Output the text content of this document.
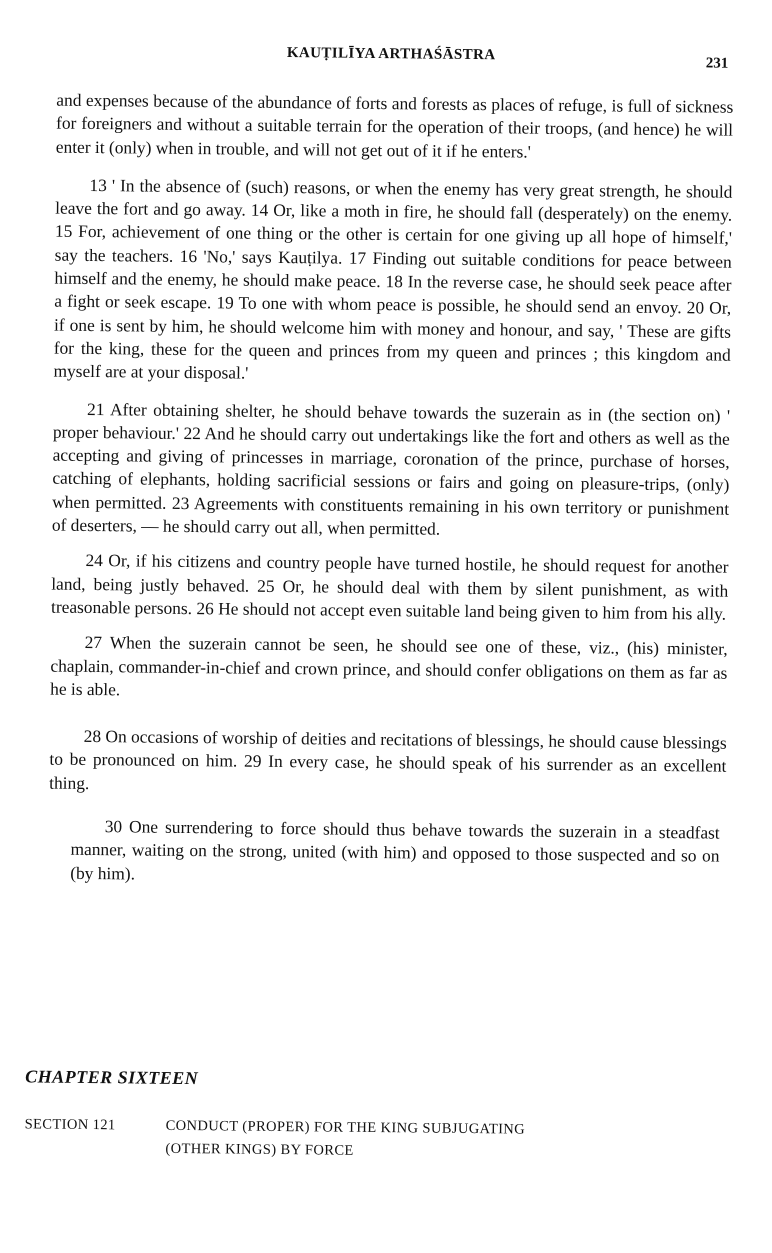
KAUṬILĪYA ARTHAŚĀSTRA
231

and expenses because of the abundance of forts and forests as places of refuge, is full of sickness for foreigners and without a suitable terrain for the operation of their troops, (and hence) he will enter it (only) when in trouble, and will not get out of it if he enters.'

13 ' In the absence of (such) reasons, or when the enemy has very great strength, he should leave the fort and go away. 14 Or, like a moth in fire, he should fall (desperately) on the enemy. 15 For, achievement of one thing or the other is certain for one giving up all hope of himself,' say the teachers. 16 'No,' says Kauṭilya. 17 Finding out suitable conditions for peace between himself and the enemy, he should make peace. 18 In the reverse case, he should seek peace after a fight or seek escape. 19 To one with whom peace is possible, he should send an envoy. 20 Or, if one is sent by him, he should welcome him with money and honour, and say, ' These are gifts for the king, these for the queen and princes from my queen and princes ; this kingdom and myself are at your disposal.'

21 After obtaining shelter, he should behave towards the suzerain as in (the section on) ' proper behaviour.' 22 And he should carry out undertakings like the fort and others as well as the accepting and giving of princesses in marriage, coronation of the prince, purchase of horses, catching of elephants, holding sacrificial sessions or fairs and going on pleasure-trips, (only) when permitted. 23 Agreements with constituents remaining in his own territory or punishment of deserters, — he should carry out all, when permitted.

24 Or, if his citizens and country people have turned hostile, he should request for another land, being justly behaved. 25 Or, he should deal with them by silent punishment, as with treasonable persons. 26 He should not accept even suitable land being given to him from his ally.

27 When the suzerain cannot be seen, he should see one of these, viz., (his) minister, chaplain, commander-in-chief and crown prince, and should confer obligations on them as far as he is able.

28 On occasions of worship of deities and recitations of blessings, he should cause blessings to be pronounced on him. 29 In every case, he should speak of his surrender as an excellent thing.

30 One surrendering to force should thus behave towards the suzerain in a steadfast manner, waiting on the strong, united (with him) and opposed to those suspected and so on (by him).

CHAPTER SIXTEEN
SECTION 121	CONDUCT (PROPER) FOR THE KING SUBJUGATING
(OTHER KINGS) BY FORCE
